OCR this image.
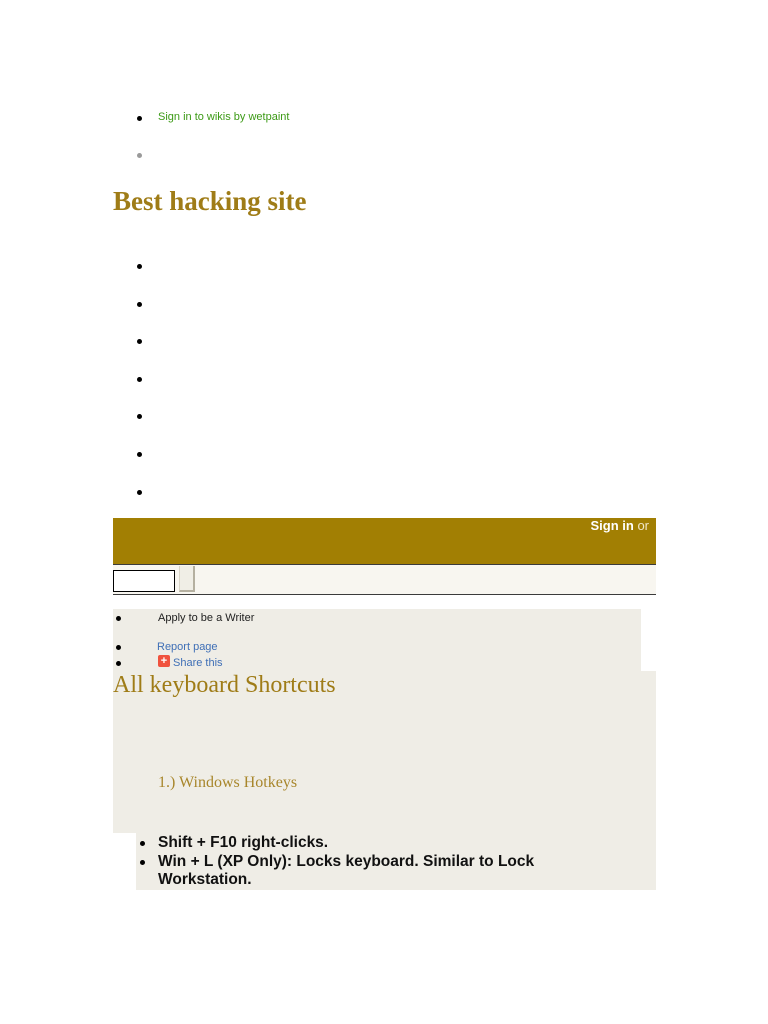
Sign in to wikis by wetpaint
Best hacking site
Sign in or
Apply to be a Writer
Report page
+ Share this
All keyboard Shortcuts
1.) Windows Hotkeys
Shift + F10 right-clicks.
Win + L (XP Only): Locks keyboard. Similar to Lock Workstation.
